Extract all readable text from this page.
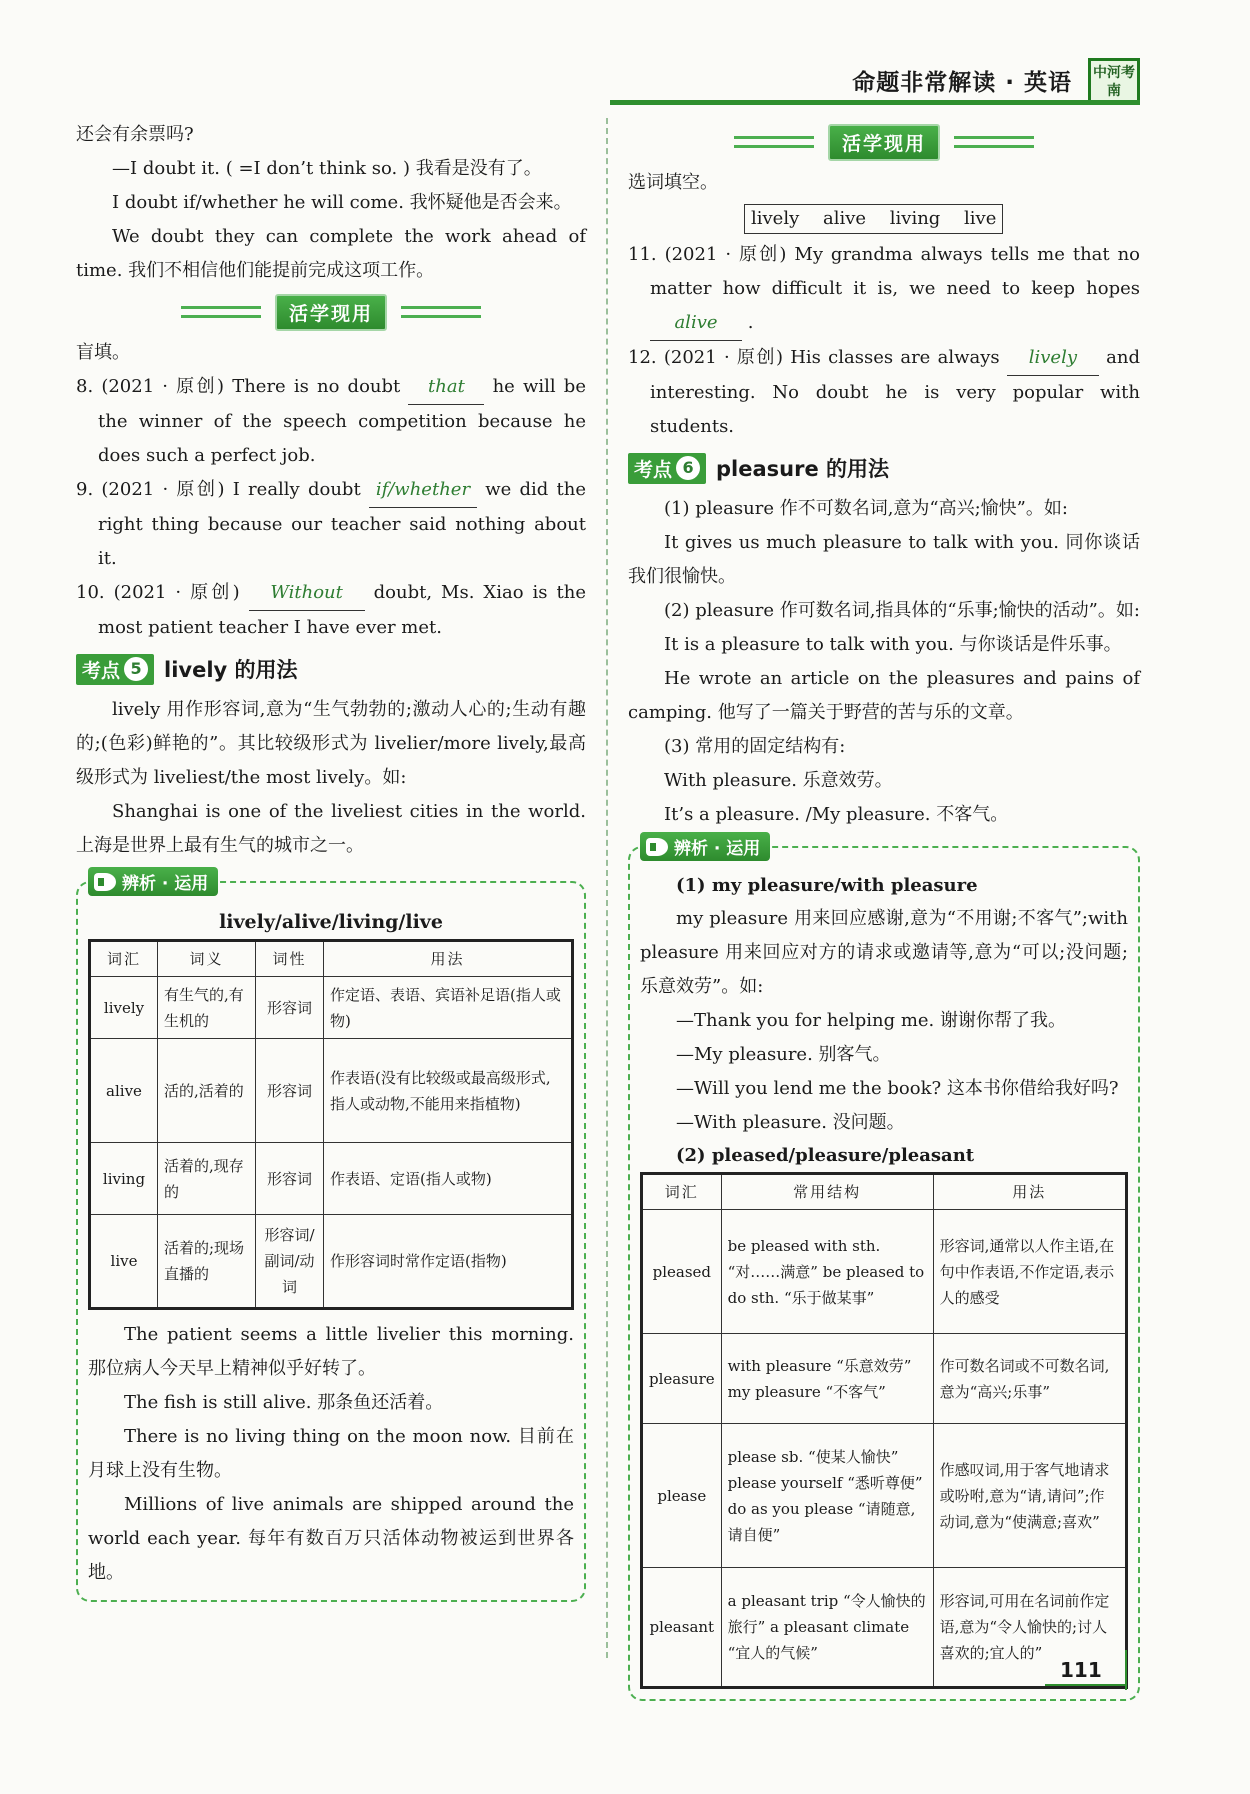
命题非常解读 · 英语	中河考南

还会有余票吗?

—I doubt it. ( =I don’t think so. ) 我看是没有了。

I doubt if/whether he will come. 我怀疑他是否会来。

We doubt they can complete the work ahead of time. 我们不相信他们能提前完成这项工作。

活学现用

盲填。

8. (2021 · 原创) There is no doubt that he will be the winner of the speech competition because he does such a perfect job.

9. (2021 · 原创) I really doubt if/whether we did the right thing because our teacher said nothing about it.

10. (2021 · 原创) Without doubt, Ms. Xiao is the most patient teacher I have ever met.

考点 5	lively 的用法

lively 用作形容词,意为“生气勃勃的;激动人心的;生动有趣的;(色彩)鲜艳的”。其比较级形式为 livelier/more lively,最高级形式为 liveliest/the most lively。如:

Shanghai is one of the liveliest cities in the world. 上海是世界上最有生气的城市之一。

辨析 · 运用
lively/alive/living/live
词汇	词义	词性	用法
lively	有生气的,有生机的	形容词	作定语、表语、宾语补足语(指人或物)
alive	活的,活着的	形容词	作表语(没有比较级或最高级形式,指人或动物,不能用来指植物)
living	活着的,现存的	形容词	作表语、定语(指人或物)
live	活着的;现场直播的	形容词/副词/动词	作形容词时常作定语(指物)

The patient seems a little livelier this morning. 那位病人今天早上精神似乎好转了。

The fish is still alive. 那条鱼还活着。

There is no living thing on the moon now. 目前在月球上没有生物。

Millions of live animals are shipped around the world each year. 每年有数百万只活体动物被运到世界各地。

活学现用

选词填空。

lively alive living live

11. (2021 · 原创) My grandma always tells me that no matter how difficult it is, we need to keep hopes alive .

12. (2021 · 原创) His classes are always lively and interesting. No doubt he is very popular with students.

考点 6	pleasure 的用法

(1) pleasure 作不可数名词,意为“高兴;愉快”。如:

It gives us much pleasure to talk with you. 同你谈话我们很愉快。

(2) pleasure 作可数名词,指具体的“乐事;愉快的活动”。如:

It is a pleasure to talk with you. 与你谈话是件乐事。

He wrote an article on the pleasures and pains of camping. 他写了一篇关于野营的苦与乐的文章。

(3) 常用的固定结构有:

With pleasure. 乐意效劳。

It’s a pleasure. /My pleasure. 不客气。

辨析 · 运用

(1) my pleasure/with pleasure

my pleasure 用来回应感谢,意为“不用谢;不客气”;with pleasure 用来回应对方的请求或邀请等,意为“可以;没问题;乐意效劳”。如:

—Thank you for helping me. 谢谢你帮了我。

—My pleasure. 别客气。

—Will you lend me the book? 这本书你借给我好吗?

—With pleasure. 没问题。

(2) pleased/pleasure/pleasant

词汇	常用结构	用法
pleased	be pleased with sth. “对……满意” be pleased to do sth. “乐于做某事”	形容词,通常以人作主语,在句中作表语,不作定语,表示人的感受
pleasure	with pleasure “乐意效劳” my pleasure “不客气”	作可数名词或不可数名词,意为“高兴;乐事”
please	please sb. “使某人愉快” please yourself “悉听尊便” do as you please “请随意,请自便”	作感叹词,用于客气地请求或吩咐,意为“请,请问”;作动词,意为“使满意;喜欢”
pleasant	a pleasant trip “令人愉快的旅行” a pleasant climate “宜人的气候”	形容词,可用在名词前作定语,意为“令人愉快的;讨人喜欢的;宜人的”
111
